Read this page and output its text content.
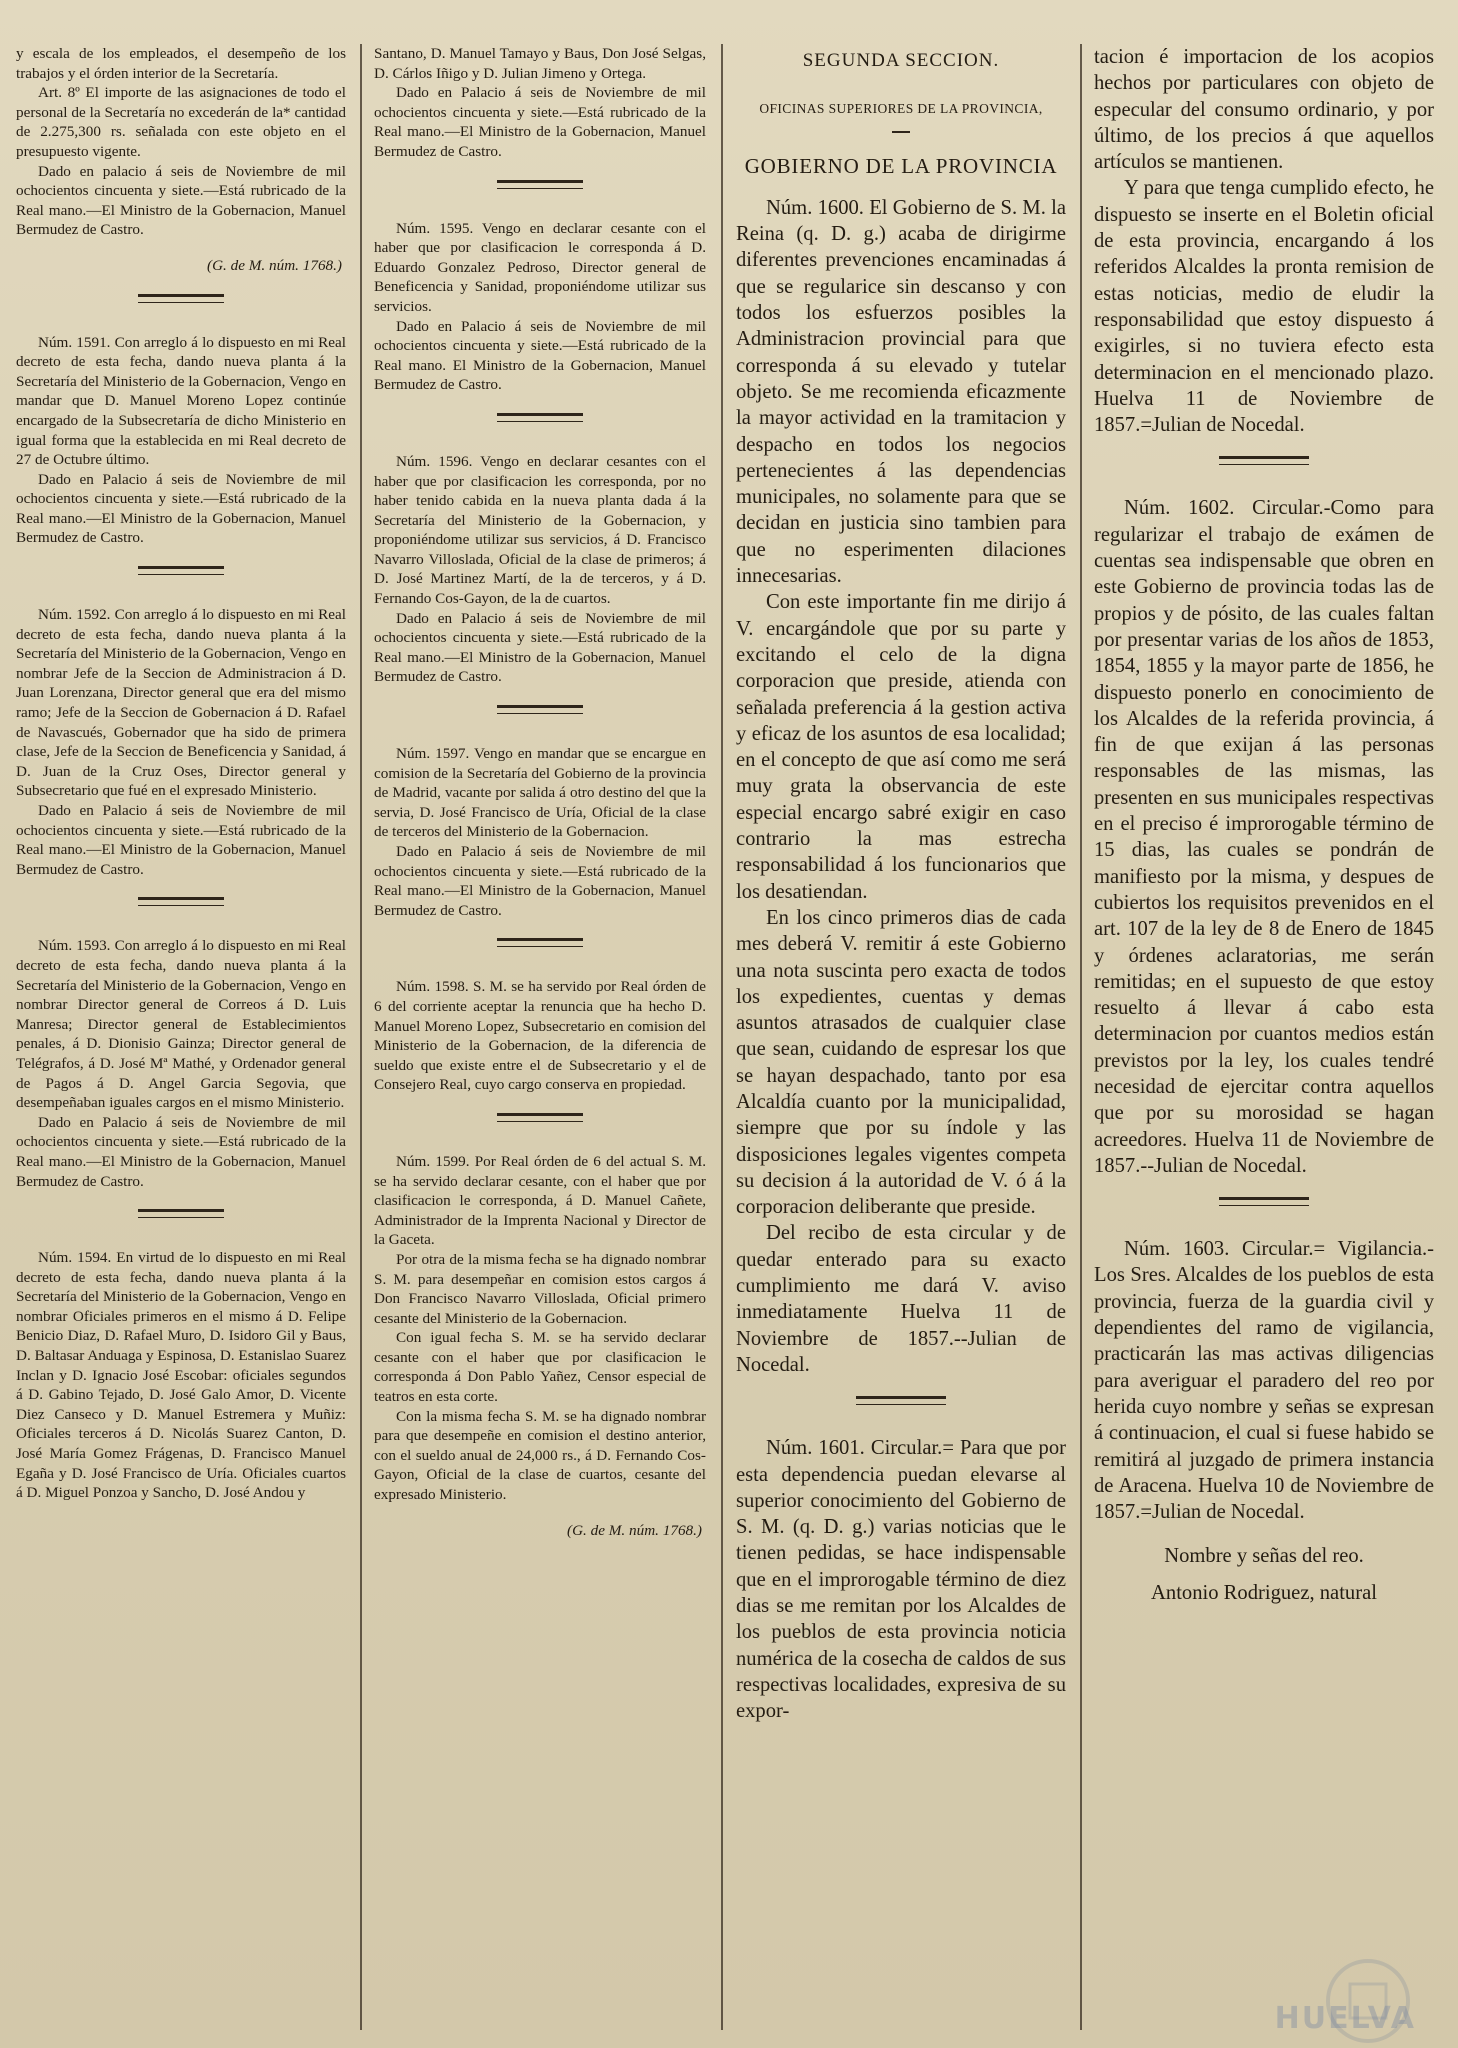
y escala de los empleados, el desempeño de los trabajos y el órden interior de la Secretaría.

Art. 8º El importe de las asignaciones de todo el personal de la Secretaría no excederán de la* cantidad de 2.275,300 rs. señalada con este objeto en el presupuesto vigente.

Dado en palacio á seis de Noviembre de mil ochocientos cincuenta y siete.—Está rubricado de la Real mano.—El Ministro de la Gobernacion, Manuel Bermudez de Castro.

(G. de M. núm. 1768.)

Núm. 1591. Con arreglo á lo dispuesto en mi Real decreto de esta fecha, dando nueva planta á la Secretaría del Ministerio de la Gobernacion, Vengo en mandar que D. Manuel Moreno Lopez continúe encargado de la Subsecretaría de dicho Ministerio en igual forma que la establecida en mi Real decreto de 27 de Octubre último.

Dado en Palacio á seis de Noviembre de mil ochocientos cincuenta y siete.—Está rubricado de la Real mano.—El Ministro de la Gobernacion, Manuel Bermudez de Castro.

Núm. 1592. Con arreglo á lo dispuesto en mi Real decreto de esta fecha, dando nueva planta á la Secretaría del Ministerio de la Gobernacion, Vengo en nombrar Jefe de la Seccion de Administracion á D. Juan Lorenzana, Director general que era del mismo ramo; Jefe de la Seccion de Gobernacion á D. Rafael de Navascués, Gobernador que ha sido de primera clase, Jefe de la Seccion de Beneficencia y Sanidad, á D. Juan de la Cruz Oses, Director general y Subsecretario que fué en el expresado Ministerio.

Dado en Palacio á seis de Noviembre de mil ochocientos cincuenta y siete.—Está rubricado de la Real mano.—El Ministro de la Gobernacion, Manuel Bermudez de Castro.

Núm. 1593. Con arreglo á lo dispuesto en mi Real decreto de esta fecha, dando nueva planta á la Secretaría del Ministerio de la Gobernacion, Vengo en nombrar Director general de Correos á D. Luis Manresa; Director general de Establecimientos penales, á D. Dionisio Gainza; Director general de Telégrafos, á D. José Mª Mathé, y Ordenador general de Pagos á D. Angel Garcia Segovia, que desempeñaban iguales cargos en el mismo Ministerio.

Dado en Palacio á seis de Noviembre de mil ochocientos cincuenta y siete.—Está rubricado de la Real mano.—El Ministro de la Gobernacion, Manuel Bermudez de Castro.

Núm. 1594. En virtud de lo dispuesto en mi Real decreto de esta fecha, dando nueva planta á la Secretaría del Ministerio de la Gobernacion, Vengo en nombrar Oficiales primeros en el mismo á D. Felipe Benicio Diaz, D. Rafael Muro, D. Isidoro Gil y Baus, D. Baltasar Anduaga y Espinosa, D. Estanislao Suarez Inclan y D. Ignacio José Escobar: oficiales segundos á D. Gabino Tejado, D. José Galo Amor, D. Vicente Diez Canseco y D. Manuel Estremera y Muñiz: Oficiales terceros á D. Nicolás Suarez Canton, D. José María Gomez Frágenas, D. Francisco Manuel Egaña y D. José Francisco de Uría. Oficiales cuartos á D. Miguel Ponzoa y Sancho, D. José Andou y

Santano, D. Manuel Tamayo y Baus, Don José Selgas, D. Cárlos Iñigo y D. Julian Jimeno y Ortega.

Dado en Palacio á seis de Noviembre de mil ochocientos cincuenta y siete.—Está rubricado de la Real mano.—El Ministro de la Gobernacion, Manuel Bermudez de Castro.

Núm. 1595. Vengo en declarar cesante con el haber que por clasificacion le corresponda á D. Eduardo Gonzalez Pedroso, Director general de Beneficencia y Sanidad, proponiéndome utilizar sus servicios.

Dado en Palacio á seis de Noviembre de mil ochocientos cincuenta y siete.—Está rubricado de la Real mano. El Ministro de la Gobernacion, Manuel Bermudez de Castro.

Núm. 1596. Vengo en declarar cesantes con el haber que por clasificacion les corresponda, por no haber tenido cabida en la nueva planta dada á la Secretaría del Ministerio de la Gobernacion, y proponiéndome utilizar sus servicios, á D. Francisco Navarro Villoslada, Oficial de la clase de primeros; á D. José Martinez Martí, de la de terceros, y á D. Fernando Cos-Gayon, de la de cuartos.

Dado en Palacio á seis de Noviembre de mil ochocientos cincuenta y siete.—Está rubricado de la Real mano.—El Ministro de la Gobernacion, Manuel Bermudez de Castro.

Núm. 1597. Vengo en mandar que se encargue en comision de la Secretaría del Gobierno de la provincia de Madrid, vacante por salida á otro destino del que la servia, D. José Francisco de Uría, Oficial de la clase de terceros del Ministerio de la Gobernacion.

Dado en Palacio á seis de Noviembre de mil ochocientos cincuenta y siete.—Está rubricado de la Real mano.—El Ministro de la Gobernacion, Manuel Bermudez de Castro.

Núm. 1598. S. M. se ha servido por Real órden de 6 del corriente aceptar la renuncia que ha hecho D. Manuel Moreno Lopez, Subsecretario en comision del Ministerio de la Gobernacion, de la diferencia de sueldo que existe entre el de Subsecretario y el de Consejero Real, cuyo cargo conserva en propiedad.

Núm. 1599. Por Real órden de 6 del actual S. M. se ha servido declarar cesante, con el haber que por clasificacion le corresponda, á D. Manuel Cañete, Administrador de la Imprenta Nacional y Director de la Gaceta.

Por otra de la misma fecha se ha dignado nombrar S. M. para desempeñar en comision estos cargos á Don Francisco Navarro Villoslada, Oficial primero cesante del Ministerio de la Gobernacion.

Con igual fecha S. M. se ha servido declarar cesante con el haber que por clasificacion le corresponda á Don Pablo Yañez, Censor especial de teatros en esta corte.

Con la misma fecha S. M. se ha dignado nombrar para que desempeñe en comision el destino anterior, con el sueldo anual de 24,000 rs., á D. Fernando Cos-Gayon, Oficial de la clase de cuartos, cesante del expresado Ministerio.

(G. de M. núm. 1768.)

SEGUNDA SECCION.
OFICINAS SUPERIORES DE LA PROVINCIA,
GOBIERNO DE LA PROVINCIA

Núm. 1600. El Gobierno de S. M. la Reina (q. D. g.) acaba de dirigirme diferentes prevenciones encaminadas á que se regularice sin descanso y con todos los esfuerzos posibles la Administracion provincial para que corresponda á su elevado y tutelar objeto. Se me recomienda eficazmente la mayor actividad en la tramitacion y despacho en todos los negocios pertenecientes á las dependencias municipales, no solamente para que se decidan en justicia sino tambien para que no esperimenten dilaciones innecesarias.

Con este importante fin me dirijo á V. encargándole que por su parte y excitando el celo de la digna corporacion que preside, atienda con señalada preferencia á la gestion activa y eficaz de los asuntos de esa localidad; en el concepto de que así como me será muy grata la observancia de este especial encargo sabré exigir en caso contrario la mas estrecha responsabilidad á los funcionarios que los desatiendan.

En los cinco primeros dias de cada mes deberá V. remitir á este Gobierno una nota suscinta pero exacta de todos los expedientes, cuentas y demas asuntos atrasados de cualquier clase que sean, cuidando de espresar los que se hayan despachado, tanto por esa Alcaldía cuanto por la municipalidad, siempre que por su índole y las disposiciones legales vigentes competa su decision á la autoridad de V. ó á la corporacion deliberante que preside.

Del recibo de esta circular y de quedar enterado para su exacto cumplimiento me dará V. aviso inmediatamente Huelva 11 de Noviembre de 1857.--Julian de Nocedal.

Núm. 1601. Circular.= Para que por esta dependencia puedan elevarse al superior conocimiento del Gobierno de S. M. (q. D. g.) varias noticias que le tienen pedidas, se hace indispensable que en el improrogable término de diez dias se me remitan por los Alcaldes de los pueblos de esta provincia noticia numérica de la cosecha de caldos de sus respectivas localidades, expresiva de su expor-

tacion é importacion de los acopios hechos por particulares con objeto de especular del consumo ordinario, y por último, de los precios á que aquellos artículos se mantienen.

Y para que tenga cumplido efecto, he dispuesto se inserte en el Boletin oficial de esta provincia, encargando á los referidos Alcaldes la pronta remision de estas noticias, medio de eludir la responsabilidad que estoy dispuesto á exigirles, si no tuviera efecto esta determinacion en el mencionado plazo. Huelva 11 de Noviembre de 1857.=Julian de Nocedal.

Núm. 1602. Circular.-Como para regularizar el trabajo de exámen de cuentas sea indispensable que obren en este Gobierno de provincia todas las de propios y de pósito, de las cuales faltan por presentar varias de los años de 1853, 1854, 1855 y la mayor parte de 1856, he dispuesto ponerlo en conocimiento de los Alcaldes de la referida provincia, á fin de que exijan á las personas responsables de las mismas, las presenten en sus municipales respectivas en el preciso é improrogable término de 15 dias, las cuales se pondrán de manifiesto por la misma, y despues de cubiertos los requisitos prevenidos en el art. 107 de la ley de 8 de Enero de 1845 y órdenes aclaratorias, me serán remitidas; en el supuesto de que estoy resuelto á llevar á cabo esta determinacion por cuantos medios están previstos por la ley, los cuales tendré necesidad de ejercitar contra aquellos que por su morosidad se hagan acreedores. Huelva 11 de Noviembre de 1857.--Julian de Nocedal.

Núm. 1603. Circular.= Vigilancia.- Los Sres. Alcaldes de los pueblos de esta provincia, fuerza de la guardia civil y dependientes del ramo de vigilancia, practicarán las mas activas diligencias para averiguar el paradero del reo por herida cuyo nombre y señas se expresan á continuacion, el cual si fuese habido se remitirá al juzgado de primera instancia de Aracena. Huelva 10 de Noviembre de 1857.=Julian de Nocedal.

Nombre y señas del reo.

Antonio Rodriguez, natural

HUELVA
